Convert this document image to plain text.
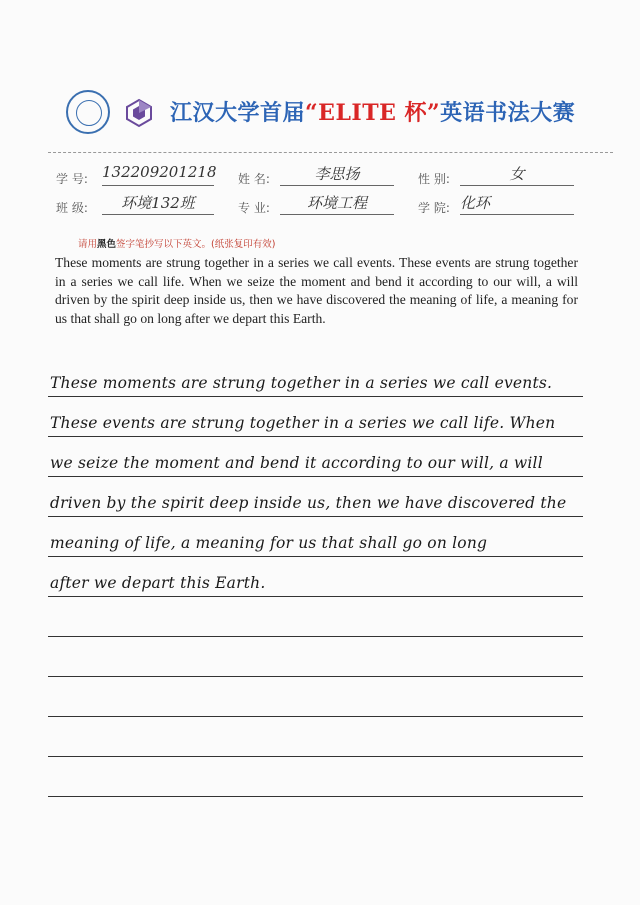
江汉大学首届“ELITE 杯”英语书法大赛
学 号: 132209201218 姓 名:	李思扬	性 别:	女
班 级:	环境132班	专 业:	环境工程	学 院: 化环
请用黑色签字笔抄写以下英文。(纸张复印有效)
These moments are strung together in a series we call events. These events are strung together in a series we call life. When we seize the moment and bend it according to our will, a will driven by the spirit deep inside us, then we have discovered the meaning of life, a meaning for us that shall go on long after we depart this Earth.
These moments are strung together in a series we call events.
These events are strung together in a series we call life. When
we seize the moment and bend it according to our will, a will
driven by the spirit deep inside us, then we have discovered the
meaning of life, a meaning for us that shall go on long
after we depart this Earth.
